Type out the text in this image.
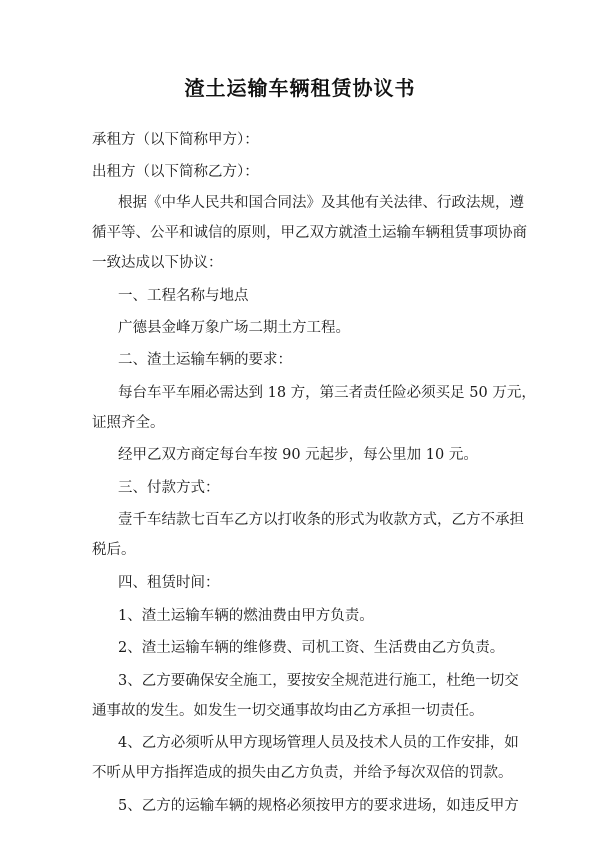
渣土运输车辆租赁协议书
承租方（以下简称甲方）：
出租方（以下简称乙方）：
根据《中华人民共和国合同法》及其他有关法律、行政法规，遵
循平等、公平和诚信的原则，甲乙双方就渣土运输车辆租赁事项协商
一致达成以下协议：
一、工程名称与地点
广德县金峰万象广场二期土方工程。
二、渣土运输车辆的要求：
每台车平车厢必需达到 18 方，第三者责任险必须买足 50 万元，
证照齐全。
经甲乙双方商定每台车按 90 元起步，每公里加 10 元。
三、付款方式：
壹千车结款七百车乙方以打收条的形式为收款方式，乙方不承担
税后。
四、租赁时间：
1、渣土运输车辆的燃油费由甲方负责。
2、渣土运输车辆的维修费、司机工资、生活费由乙方负责。
3、乙方要确保安全施工，要按安全规范进行施工，杜绝一切交
通事故的发生。如发生一切交通事故均由乙方承担一切责任。
4、乙方必须听从甲方现场管理人员及技术人员的工作安排，如
不听从甲方指挥造成的损失由乙方负责，并给予每次双倍的罚款。
5、乙方的运输车辆的规格必须按甲方的要求进场，如违反甲方
